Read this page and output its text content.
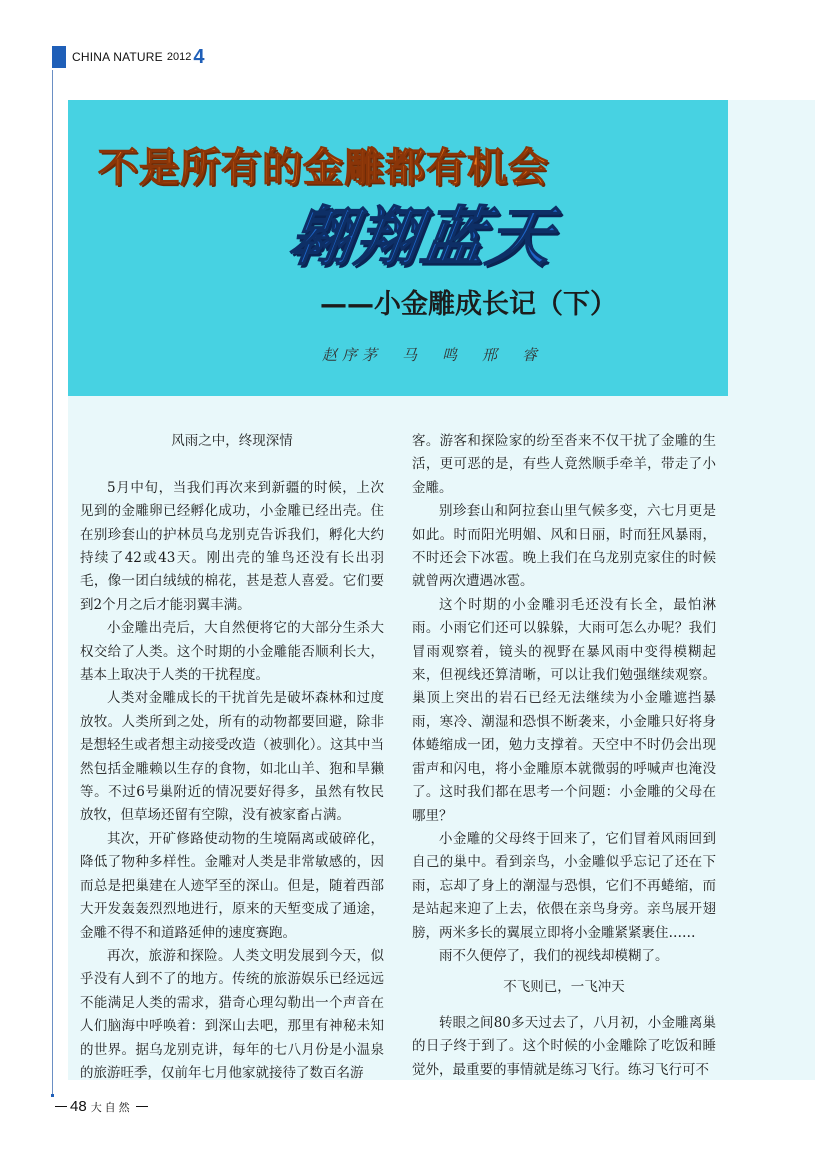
CHINA NATURE 2012 4
不是所有的金雕都有机会
翱翔蓝天
——小金雕成长记（下）
赵序茅　马　鸣　邢　睿
风雨之中，终现深情

5月中旬，当我们再次来到新疆的时候，上次见到的金雕卵已经孵化成功，小金雕已经出壳。住在别珍套山的护林员乌龙别克告诉我们，孵化大约持续了42或43天。刚出壳的雏鸟还没有长出羽毛，像一团白绒绒的棉花，甚是惹人喜爱。它们要到2个月之后才能羽翼丰满。

小金雕出壳后，大自然便将它的大部分生杀大权交给了人类。这个时期的小金雕能否顺利长大，基本上取决于人类的干扰程度。

人类对金雕成长的干扰首先是破坏森林和过度放牧。人类所到之处，所有的动物都要回避，除非是想轻生或者想主动接受改造（被驯化）。这其中当然包括金雕赖以生存的食物，如北山羊、狍和旱獭等。不过6号巢附近的情况要好得多，虽然有牧民放牧，但草场还留有空隙，没有被家畜占满。

其次，开矿修路使动物的生境隔离或破碎化，降低了物种多样性。金雕对人类是非常敏感的，因而总是把巢建在人迹罕至的深山。但是，随着西部大开发轰轰烈烈地进行，原来的天堑变成了通途，金雕不得不和道路延伸的速度赛跑。

再次，旅游和探险。人类文明发展到今天，似乎没有人到不了的地方。传统的旅游娱乐已经远远不能满足人类的需求，猎奇心理勾勒出一个声音在人们脑海中呼唤着：到深山去吧，那里有神秘未知的世界。据乌龙别克讲，每年的七八月份是小温泉的旅游旺季，仅前年七月他家就接待了数百名游

客。游客和探险家的纷至沓来不仅干扰了金雕的生活，更可恶的是，有些人竟然顺手牵羊，带走了小金雕。

别珍套山和阿拉套山里气候多变，六七月更是如此。时而阳光明媚、风和日丽，时而狂风暴雨，不时还会下冰雹。晚上我们在乌龙别克家住的时候就曾两次遭遇冰雹。

这个时期的小金雕羽毛还没有长全，最怕淋雨。小雨它们还可以躲躲，大雨可怎么办呢？我们冒雨观察着，镜头的视野在暴风雨中变得模糊起来，但视线还算清晰，可以让我们勉强继续观察。巢顶上突出的岩石已经无法继续为小金雕遮挡暴雨，寒冷、潮湿和恐惧不断袭来，小金雕只好将身体蜷缩成一团，勉力支撑着。天空中不时仍会出现雷声和闪电，将小金雕原本就微弱的呼喊声也淹没了。这时我们都在思考一个问题：小金雕的父母在哪里？

小金雕的父母终于回来了，它们冒着风雨回到自己的巢中。看到亲鸟，小金雕似乎忘记了还在下雨，忘却了身上的潮湿与恐惧，它们不再蜷缩，而是站起来迎了上去，依偎在亲鸟身旁。亲鸟展开翅膀，两米多长的翼展立即将小金雕紧紧裹住……

雨不久便停了，我们的视线却模糊了。

不飞则已，一飞冲天

转眼之间80多天过去了，八月初，小金雕离巢的日子终于到了。这个时候的小金雕除了吃饭和睡觉外，最重要的事情就是练习飞行。练习飞行可不

48 大自然
